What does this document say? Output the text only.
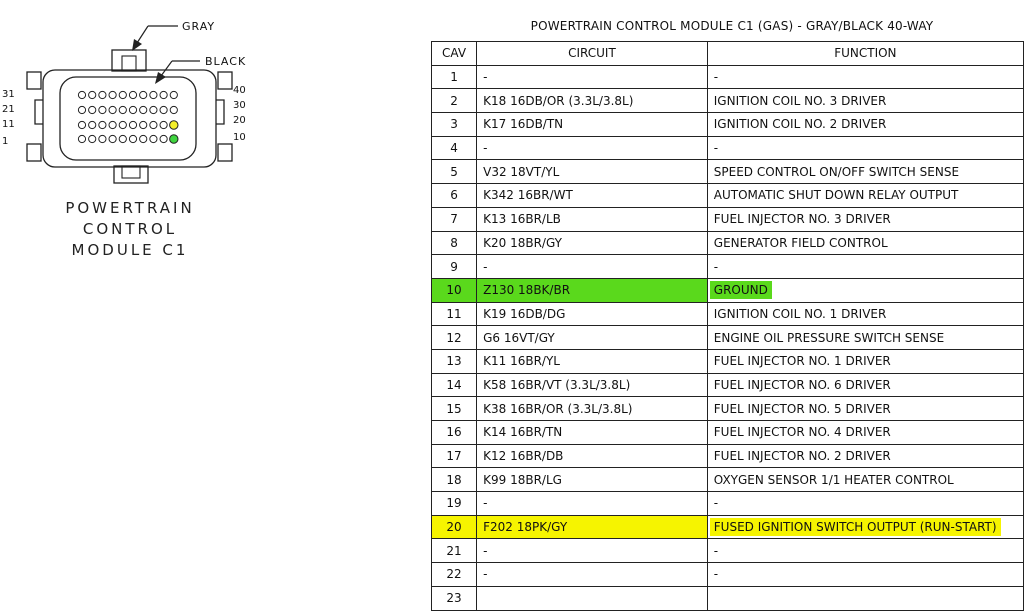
GRAY
BLACK
31
21
11
1
40
30
20
10
POWERTRAIN
CONTROL
MODULE C1
POWERTRAIN CONTROL MODULE C1 (GAS) - GRAY/BLACK 40-WAY
CAV	CIRCUIT	FUNCTION
1	-	-
2	K18 16DB/OR (3.3L/3.8L)	IGNITION COIL NO. 3 DRIVER
3	K17 16DB/TN	IGNITION COIL NO. 2 DRIVER
4	-	-
5	V32 18VT/YL	SPEED CONTROL ON/OFF SWITCH SENSE
6	K342 16BR/WT	AUTOMATIC SHUT DOWN RELAY OUTPUT
7	K13 16BR/LB	FUEL INJECTOR NO. 3 DRIVER
8	K20 18BR/GY	GENERATOR FIELD CONTROL
9	-	-
10	Z130 18BK/BR	GROUND
11	K19 16DB/DG	IGNITION COIL NO. 1 DRIVER
12	G6 16VT/GY	ENGINE OIL PRESSURE SWITCH SENSE
13	K11 16BR/YL	FUEL INJECTOR NO. 1 DRIVER
14	K58 16BR/VT (3.3L/3.8L)	FUEL INJECTOR NO. 6 DRIVER
15	K38 16BR/OR (3.3L/3.8L)	FUEL INJECTOR NO. 5 DRIVER
16	K14 16BR/TN	FUEL INJECTOR NO. 4 DRIVER
17	K12 16BR/DB	FUEL INJECTOR NO. 2 DRIVER
18	K99 18BR/LG	OXYGEN SENSOR 1/1 HEATER CONTROL
19	-	-
20	F202 18PK/GY	FUSED IGNITION SWITCH OUTPUT (RUN-START)
21	-	-
22	-	-
23		
